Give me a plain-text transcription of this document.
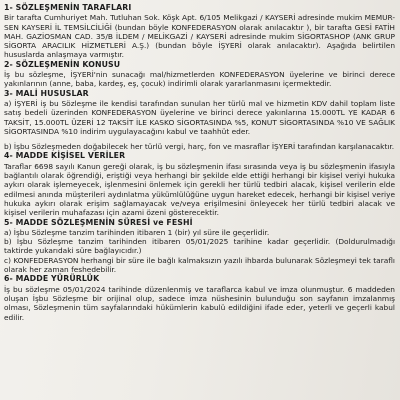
1- SÖZLEŞMENİN TARAFLARI

Bir tarafta Cumhuriyet Mah. Tutluhan Sok. Köşk Apt. 6/105 Melikgazi / KAYSERİ adresinde mukim MEMUR-SEN KAYSERİ İL TEMSİLCİLİĞİ (bundan böyle KONFEDERASYON olarak anılacaktır ), bir tarafta GESİ FATİH MAH. GAZİOSMAN CAD. 35/B İLDEM / MELİKGAZİ / KAYSERİ adresinde mukim SİGORTASHOP (ANK GRUP SİGORTA ARACILIK HİZMETLERİ A.Ş.) (bundan böyle İŞYERİ olarak anılacaktır). Aşağıda belirtilen hususlarda anlaşmaya varmıştır.

2- SÖZLEŞMENİN KONUSU

İş bu sözleşme, İŞYERİ'nin sunacağı mal/hizmetlerden KONFEDERASYON üyelerine ve birinci derece yakınlarının (anne, baba, kardeş, eş, çocuk) indirimli olarak yararlanmasını içermektedir.

3- MALİ HUSUSLAR

a) İŞYERİ iş bu Sözleşme ile kendisi tarafından sunulan her türlü mal ve hizmetin KDV dahil toplam liste satış bedeli üzerinden KONFEDERASYON üyelerine ve birinci derece yakınlarına 15.000TL YE KADAR 6 TAKSİT, 15.000TL ÜZERİ 12 TAKSİT İLE KASKO SİGORTASINDA %5, KONUT SİGORTASINDA %10 VE SAĞLIK SİGORTASINDA %10 indirim uygulayacağını kabul ve taahhüt eder.

b) İşbu Sözleşmeden doğabilecek her türlü vergi, harç, fon ve masraflar İŞYERİ tarafından karşılanacaktır.

4- MADDE KİŞİSEL VERİLER

Taraflar 6698 sayılı Kanun gereği olarak, iş bu sözleşmenin ifası sırasında veya iş bu sözleşmenin ifasıyla bağlantılı olarak öğrendiği, erişti̇ği veya herhangi bir şekilde elde ettiği herhangi bir kişisel veriyi hukuka aykırı olarak işlemeyecek, işlenmesini önlemek için gerekli her türlü tedbiri alacak, kişisel verilerin elde edilmesi anında müşterileri aydınlatma yükümlülüğüne uygun hareket edecek, herhangi bir kişisel veriye hukuka aykırı olarak erişim sağlamayacak ve/veya erişilmesini önleyecek her türlü tedbiri alacak ve kişisel verilerin muhafazası için azami özeni gösterecektir.

5- MADDE SÖZLEŞMENİN SÜRESİ ve FESHİ

a) İşbu Sözleşme tanzim tarihinden itibaren 1 (bir) yıl süre ile geçerlidir.

b) İşbu Sözleşme tanzim tarihinden itibaren 05/01/2025 tarihine kadar geçerlidir. (Doldurulmadığı taktirde yukarıdaki süre bağlayıcıdır.)

c) KONFEDERASYON herhangi bir süre ile bağlı kalmaksızın yazılı ihbarda bulunarak Sözleşmeyi tek taraflı olarak her zaman feshedebilir.

6- MADDE YÜRÜRLÜK

İş bu sözleşme 05/01/2024 tarihinde düzenlenmiş ve taraflarca kabul ve imza olunmuştur. 6 maddeden oluşan İşbu Sözleşme bir orijinal olup, sadece imza nüshesinin bulunduğu son sayfanın imzalanmış olması, Sözleşmenin tüm sayfalarındaki hükümlerin kabulü edildiğini ifade eder, yeterli ve geçerli kabul edilir.
